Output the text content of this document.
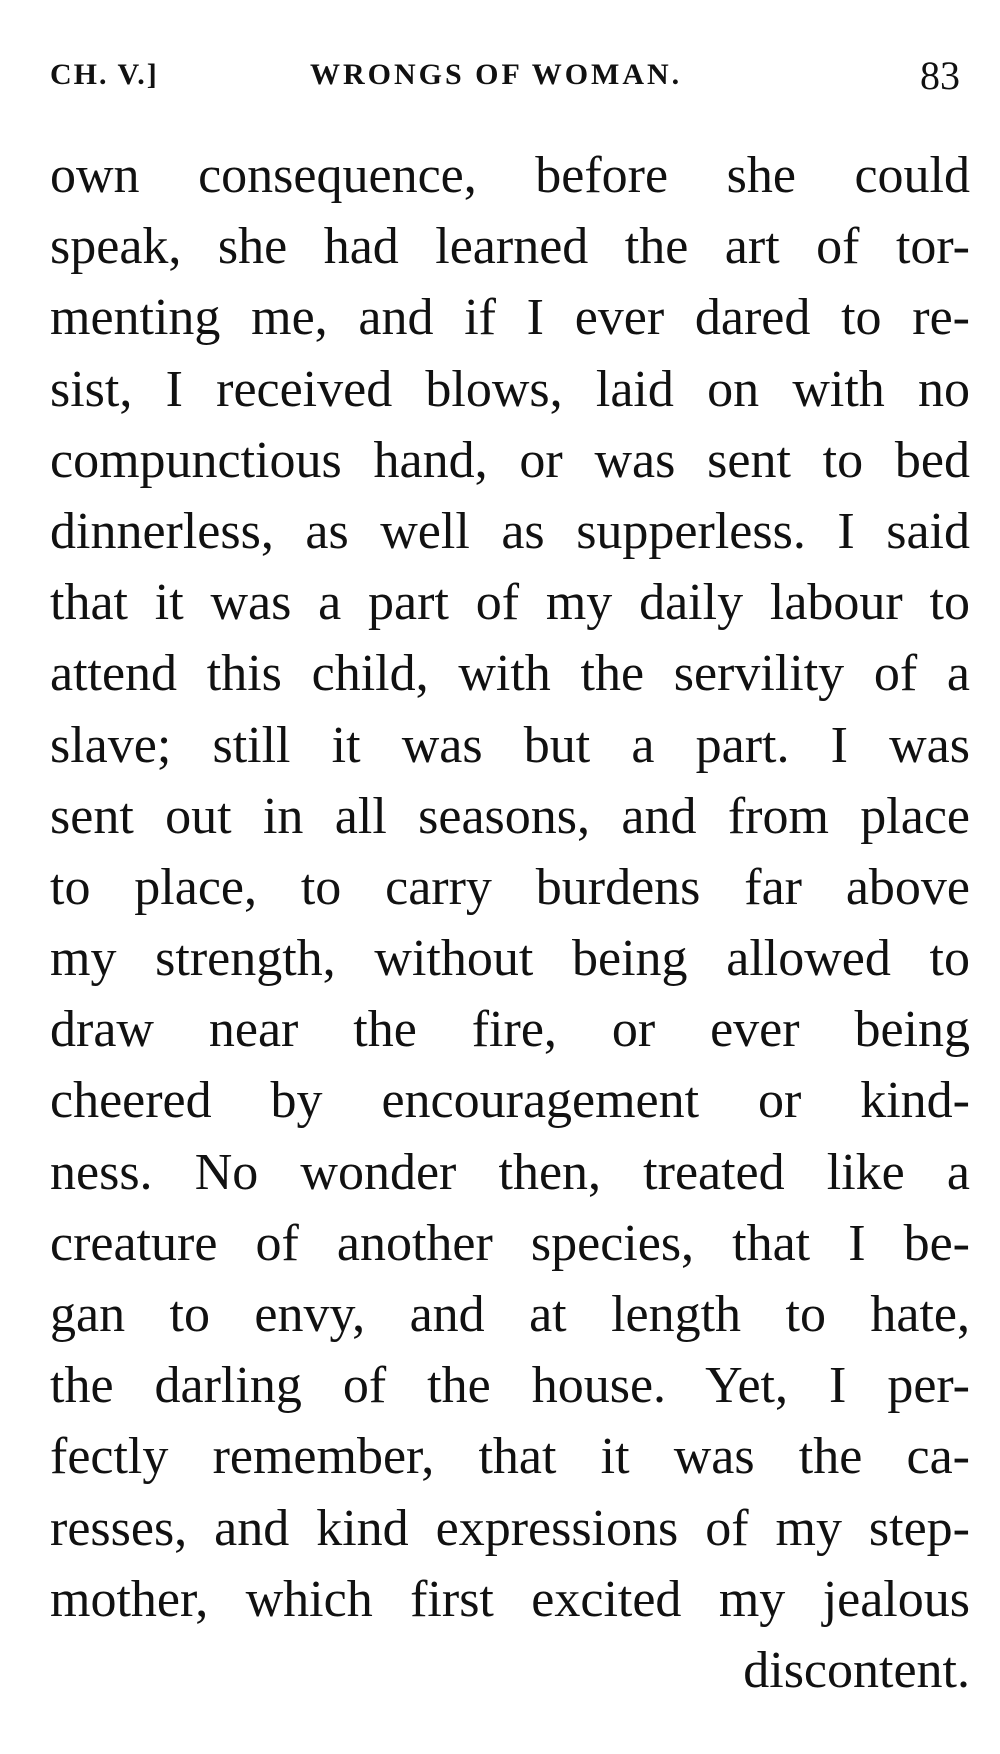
CH. V.]	WRONGS OF WOMAN.	83
own consequence, before she could
speak, she had learned the art of tor-
menting me, and if I ever dared to re-
sist, I received blows, laid on with no
compunctious hand, or was sent to bed
dinnerless, as well as supperless. I said
that it was a part of my daily labour to
attend this child, with the servility of a
slave; still it was but a part. I was
sent out in all seasons, and from place
to place, to carry burdens far above
my strength, without being allowed to
draw near the fire, or ever being
cheered by encouragement or kind-
ness. No wonder then, treated like a
creature of another species, that I be-
gan to envy, and at length to hate,
the darling of the house. Yet, I per-
fectly remember, that it was the ca-
resses, and kind expressions of my step-
mother, which first excited my jealous
discontent.
